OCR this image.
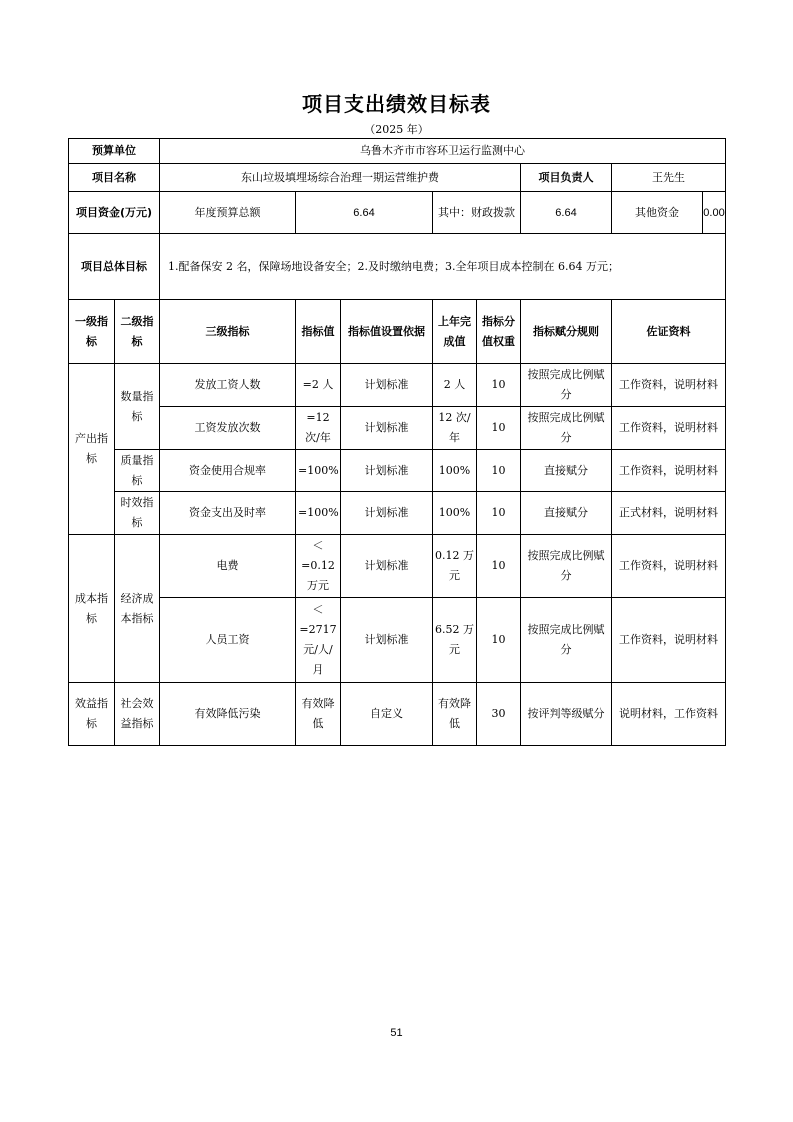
项目支出绩效目标表
（2025 年）
预算单位		乌鲁木齐市市容环卫运行监测中心						
项目名称		东山垃圾填埋场综合治理一期运营维护费					项目负责人	王先生
项目资金(万元)		年度预算总额	6.64		其中：财政拨款		6.64	其他资金 0.00

项目总体目标		1.配备保安 2 名，保障场地设备安全；2.及时缴纳电费；3.全年项目成本控制在 6.64 万元；						
一级指标	二级指标	三级指标	指标值	指标值设置依据	上年完成值	指标分值权重	指标赋分规则	佐证资料
产出指标	数量指标	发放工资人数	=2 人	计划标准	2 人	10	按照完成比例赋分	工作资料，说明材料
		工资发放次数	=12 次/年	计划标准	12 次/年	10	按照完成比例赋分	工作资料，说明材料
	质量指标	资金使用合规率	=100%	计划标准	100%	10	直接赋分	工作资料，说明材料
	时效指标	资金支出及时率	=100%	计划标准	100%	10	直接赋分	正式材料，说明材料
成本指标	经济成本指标	电费	＜=0.12 万元	计划标准	0.12 万元	10	按照完成比例赋分	工作资料，说明材料
		人员工资	＜=2717 元/人/月	计划标准	6.52 万元	10	按照完成比例赋分	工作资料，说明材料
效益指标	社会效益指标	有效降低污染	有效降低	自定义	有效降低	30	按评判等级赋分	说明材料，工作资料
51
